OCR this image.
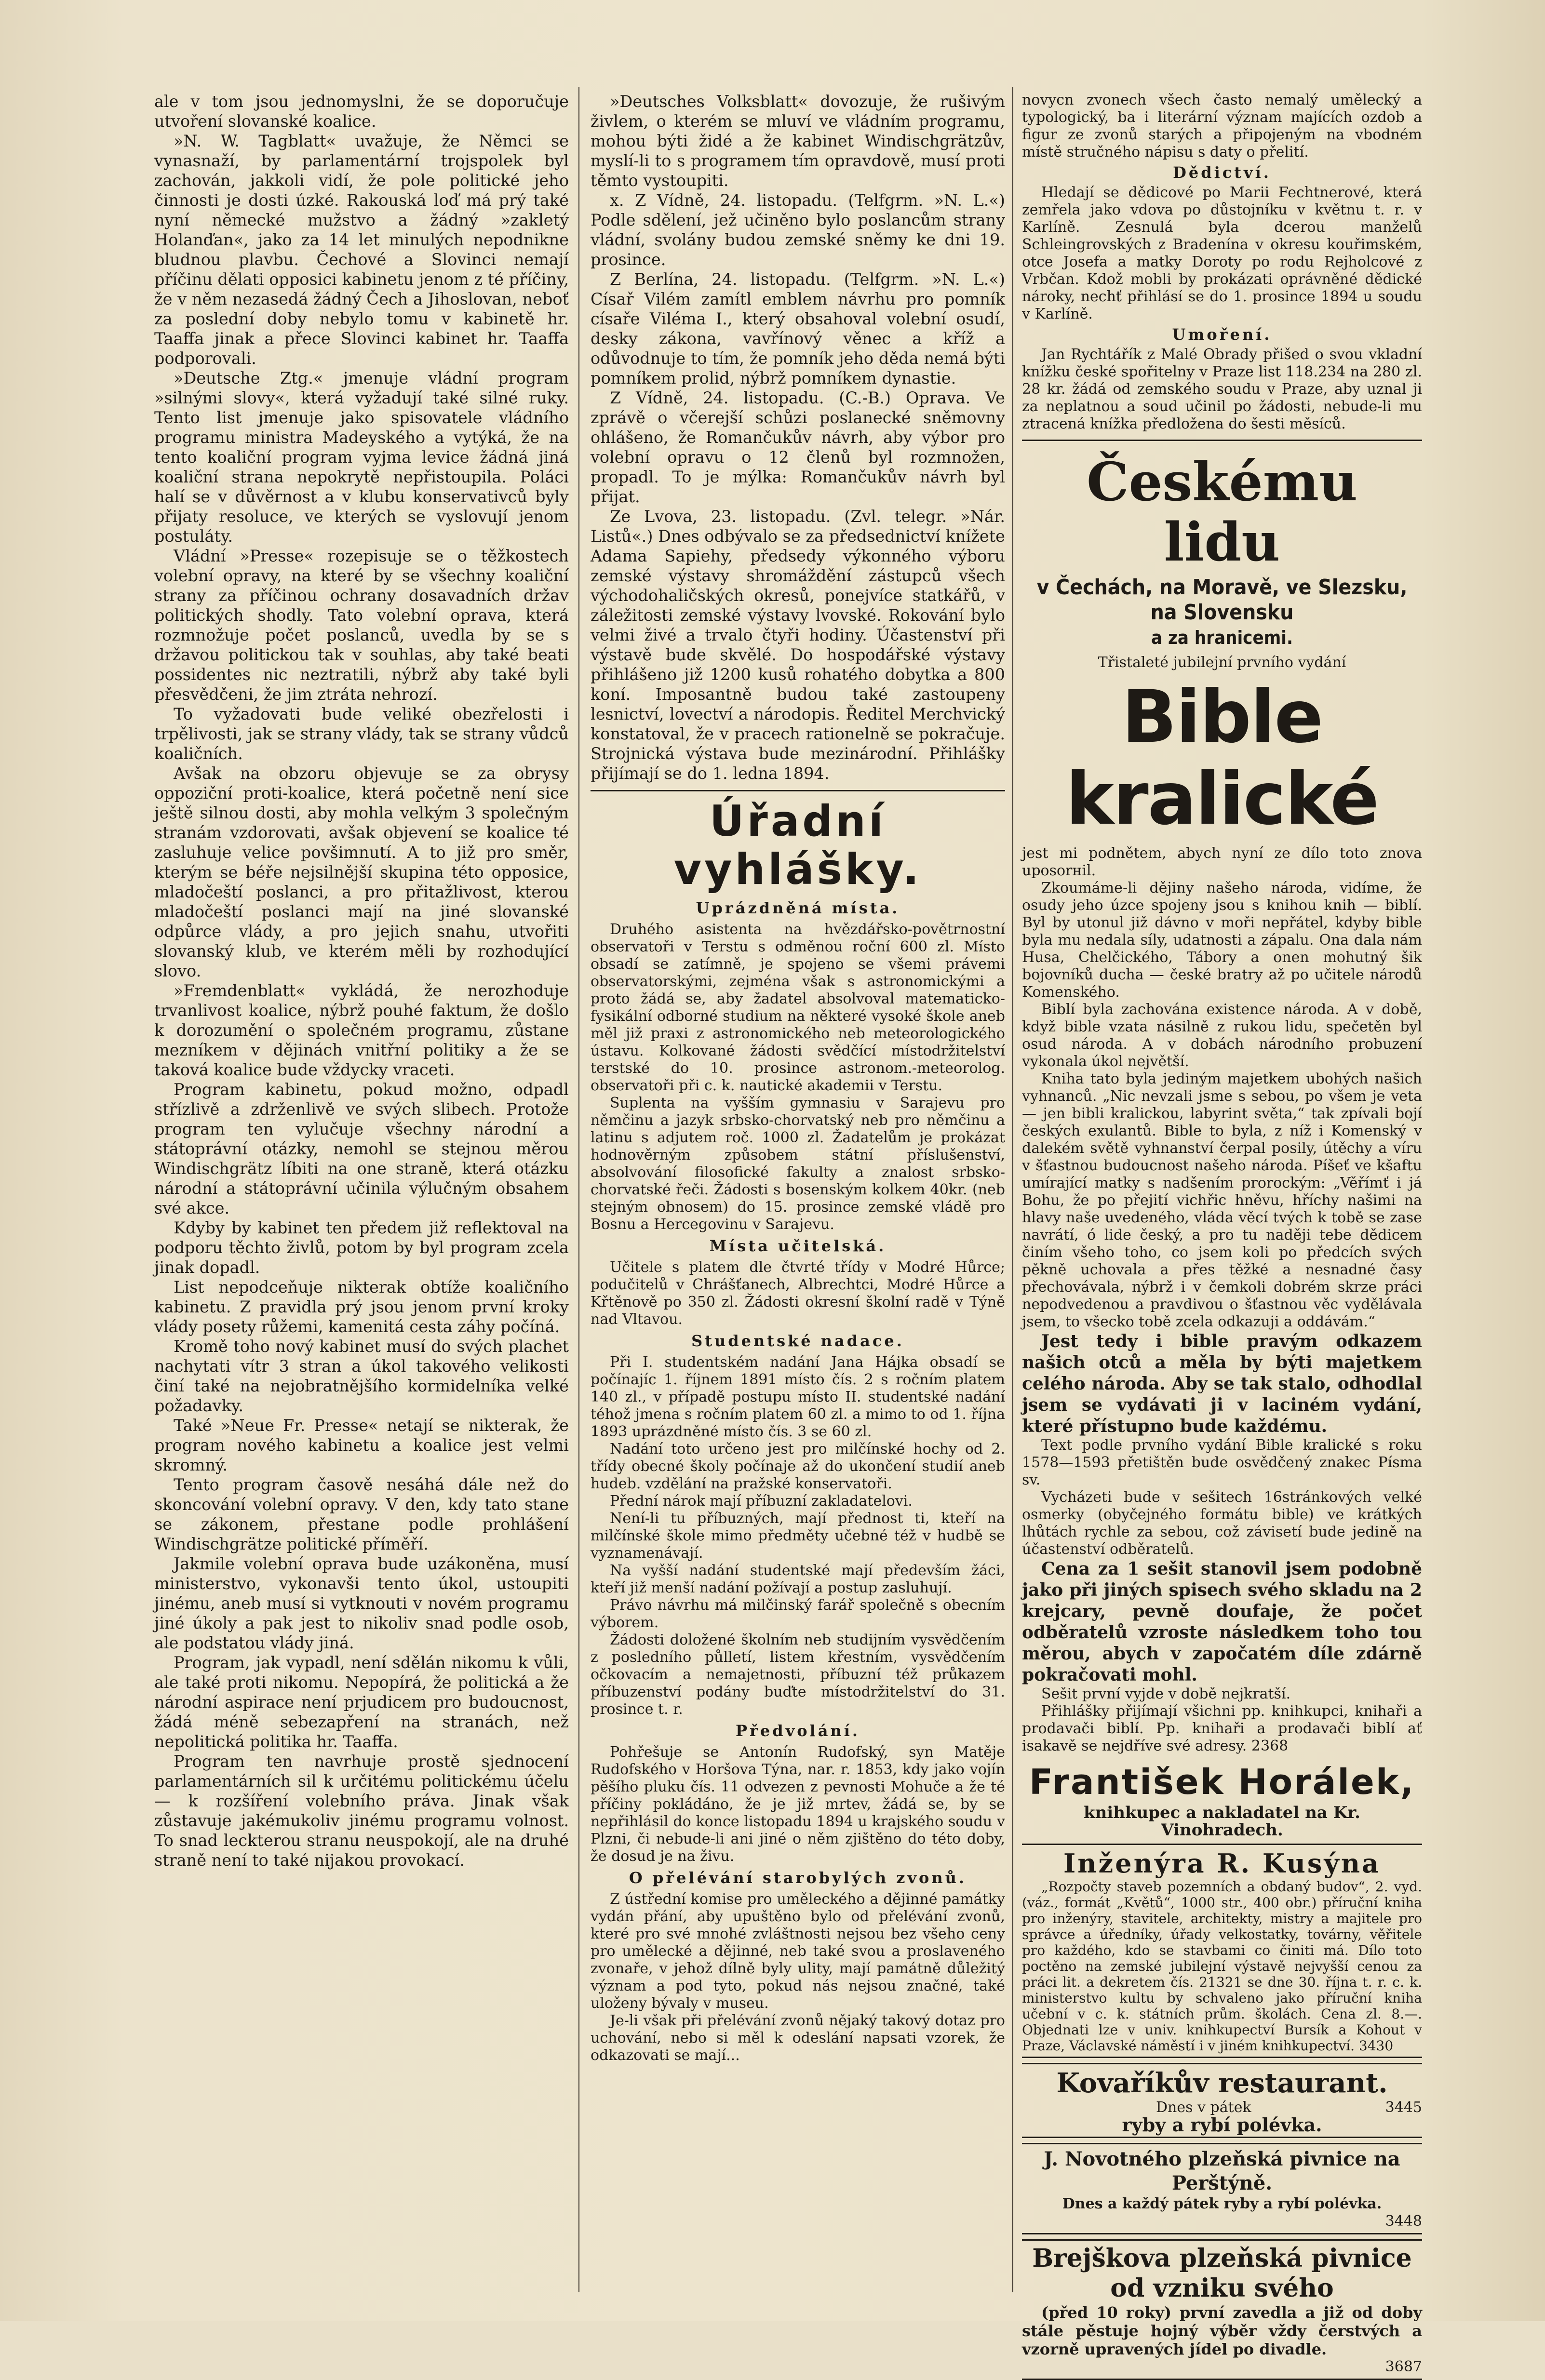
ale v tom jsou jednomyslni, že se doporučuje utvoření slovanské koalice.

»N. W. Tagblatt« uvažuje, že Němci se vynasnaží, by parlamentární trojspolek byl zachován, jakkoli vidí, že pole politické jeho činnosti je dosti úzké. Rakouská loď má prý také nyní německé mužstvo a žádný »zakletý Holanďan«, jako za 14 let minulých nepodniknе bludnou plavbu. Čechové a Slovinci nemají příčinu dělati opposici kabinetu jenom z té příčiny, že v něm nezasedá žádný Čech a Jihoslovan, neboť za poslední doby nebylo tomu v kabinetě hr. Taaffa jinak a přece Slovinci kabinet hr. Taaffa podporovali.

»Deutsche Ztg.« jmenuje vládní program »silnými slovy«, která vyžadují také silné ruky. Tento list jmenuje jako spisovatele vládního programu ministra Madeyského a vytýká, že na tento koaliční program vyjma levice žádná jiná koaliční strana nepokrytě nepřistoupila. Poláci halí se v důvěrnost a v klubu konservativců byly přijaty resoluce, ve kterých se vyslovují jenom postuláty.

Vládní »Presse« rozepisuje se o těžkostech volební opravy, na které by se všechny koaliční strany za příčinou ochrany dosavadních držav politických shodly. Tato volební oprava, která rozmnožuje počet poslanců, uvedla by se s državou politickou tak v souhlas, aby také beati possidentes nic neztratili, nýbrž aby také byli přesvědčeni, že jim ztráta nehrozí.

To vyžadovati bude veliké obezřelosti i trpělivosti, jak se strany vlády, tak se strany vůdců koaličních.

Avšak na obzoru objevuje se za obrysy oppoziční proti-koalice, která početně není sice ještě silnou dosti, aby mohla velkým 3 společným stranám vzdorovati, avšak objevení se koalice té zasluhuje velice povšimnutí. A to již pro směr, kterým se béře nejsilnější skupina této opposice, mladočeští poslanci, a pro přitažlivost, kterou mladočeští poslanci mají na jiné slovanské odpůrce vlády, a pro jejich snahu, utvořiti slovanský klub, ve kterém měli by rozhodující slovo.

»Fremdenblatt« vykládá, že nerozhoduje trvanlivost koalice, nýbrž pouhé faktum, že došlo k dorozumění o společném programu, zůstane mezníkem v dějinách vnitřní politiky a že se taková koalice bude vždycky vraceti.

Program kabinetu, pokud možno, odpadl střízlivě a zdrženlivě ve svých slibech. Protože program ten vylučuje všechny národní a státoprávní otázky, nemohl se stejnou měrou Windischgrätz líbiti na one straně, která otázku národní a státoprávní učinila výlučným obsahem své akce.

Kdyby by kabinet ten předem již reflektoval na podporu těchto živlů, potom by byl program zcela jinak dopadl.

List nepodceňuje nikterak obtíže koaličního kabinetu. Z pravidla prý jsou jenom první kroky vlády posety růžemi, kamenitá cesta záhy počíná.

Kromě toho nový kabinet musí do svých plachet nachytati vítr 3 stran a úkol takového velikosti činí také na nejobratnějšího kormidelníka velké požadavky.

Také »Neue Fr. Presse« netají se nikterak, že program nového kabinetu a koalice jest velmi skromný.

Tento program časově nesáhá dále než do skoncování volební opravy. V den, kdy tato stane se zákonem, přestane podle prohlášení Windischgrätze politické příměří.

Jakmile volební oprava bude uzákoněna, musí ministerstvo, vykonavši tento úkol, ustoupiti jinému, aneb musí si vytknouti v novém programu jiné úkoly a pak jest to nikoliv snad podle osob, ale podstatou vlády jiná.

Program, jak vypadl, není sdělán nikomu k vůli, ale také proti nikomu. Nepopírá, že politická a že národní aspirace není prjudicem pro budoucnost, žádá méně sebezapření na stranách, než nepolitická politika hr. Taaffa.

Program ten navrhuje prostě sjednocení parlamentárních sil k určitému politickému účelu — k rozšíření volebního práva. Jinak však zůstavuje jakémukoliv jinému programu volnost. To snad leckterou stranu neuspokojí, ale na druhé straně není to také nijakou provokací.

»Deutsches Volksblatt« dovozuje, že rušivým živlem, o kterém se mluví ve vládním programu, mohou býti židé a že kabinet Windischgrätzův, myslí-li to s programem tím opravdově, musí proti těmto vystoupiti.

x. Z Vídně, 24. listopadu. (Telfgrm. »N. L.«) Podle sdělení, jež učiněno bylo poslancům strany vládní, svolány budou zemské sněmy ke dni 19. prosince.

Z Berlína, 24. listopadu. (Telfgrm. »N. L.«) Císař Vilém zamítl emblem návrhu pro pomník císaře Viléma I., který obsahoval volební osudí, desky zákona, vavřínový věnec a kříž a odůvodnuje to tím, že pomník jeho děda nemá býti pomníkem prolid, nýbrž pomníkem dynastie.

Z Vídně, 24. listopadu. (C.-B.) Oprava. Ve zprávě o včerejší schůzi poslanecké sněmovny ohlášeno, že Romančukův návrh, aby výbor pro volební opravu o 12 členů byl rozmnožen, propadl. To je mýlka: Romančukův návrh byl přijat.

Ze Lvova, 23. listopadu. (Zvl. telegr. »Nár. Listů«.) Dnes odbývalo se za předsednictví knížete Adama Sapiehy, předsedy výkonného výboru zemské výstavy shromáždění zástupců všech východohaličských okresů, ponejvíce statkářů, v záležitosti zemské výstavy lvovské. Rokování bylo velmi živé a trvalo čtyři hodiny. Účastenství při výstavě bude skvělé. Do hospodářské výstavy přihlášeno již 1200 kusů rohatého dobytka a 800 koní. Imposantně budou také zastoupeny lesnictví, lovectví a národopis. Ředitel Merchvický konstatoval, že v pracech rationelně se pokračuje. Strojnická výstava bude mezinárodní. Přihlášky přijímají se do 1. ledna 1894.

Úřadní vyhlášky.
Uprázdněná místa.

Druhého asistenta na hvězdářsko-povětrnostní observatoři v Terstu s odměnou roční 600 zl. Místo obsadí se zatímně, je spojeno se všemi právemi observatorskými, zejména však s astronomickými a proto žádá se, aby žadatel absolvoval matematicko-fysikální odborné studium na některé vysoké škole aneb měl již praxi z astronomického neb meteorologického ústavu. Kolkované žádosti svědčící místodržitelství terstské do 10. prosince astronom.-meteorolog. observatoři při c. k. nautické akademii v Terstu.

Suplenta na vyšším gymnasiu v Sarajevu pro němčinu a jazyk srbsko-chorvatský neb pro němčinu a latinu s adjutem roč. 1000 zl. Žadatelům je prokázat hodnověrným způsobem státní příslušenství, absolvování filosofické fakulty a znalost srbsko-chorvatské řeči. Žádosti s bosenským kolkem 40kr. (neb stejným obnosem) do 15. prosince zemské vládě pro Bosnu a Hercegovinu v Sarajevu.

Místa učitelská.

Učitele s platem dle čtvrté třídy v Modré Hůrce; podučitelů v Chrášťanech, Albrechtci, Modré Hůrce a Křtěnově po 350 zl. Žádosti okresní školní radě v Týně nad Vltavou.

Studentské nadace.

Při I. studentském nadání Jana Hájka obsadí se počínajíc 1. říjnem 1891 místo čís. 2 s ročním platem 140 zl., v případě postupu místo II. studentské nadání téhož jmena s ročním platem 60 zl. a mimo to od 1. října 1893 uprázdněné místo čís. 3 se 60 zl.

Nadání toto určeno jest pro milčínské hochy od 2. třídy obecné školy počínaje až do ukončení studií aneb hudeb. vzdělání na pražské konservatoři.

Přední nárok mají příbuzní zakladatelovi.

Není-li tu příbuzných, mají přednost ti, kteří na milčínské škole mimo předměty učebné též v hudbě se vyznamenávají.

Na vyšší nadání studentské mají především žáci, kteří již menší nadání požívají a postup zasluhují.

Právo návrhu má milčinský farář společně s obecním výborem.

Žádosti doložené školním neb studijním vysvědčením z posledního půlletí, listem křestním, vysvědčením očkovacím a nemajetnosti, příbuzní též průkazem příbuzenství podány buďte místodržitelství do 31. prosince t. r.

Předvolání.

Pohřešuje se Antonín Rudofský, syn Matěje Rudofského v Horšova Týna, nar. r. 1853, kdy jako vojín pěšího pluku čís. 11 odvezen z pevnosti Mohuče a že té příčiny pokládáno, že je již mrtev, žádá se, by se nepřihlásil do konce listopadu 1894 u krajského soudu v Plzni, či nebude-li ani jiné o něm zjištěno do této doby, že dosud je na živu.

O přelévání starobylých zvonů.

Z ústřední komise pro uměleckého a dějinné památky vydán přání, aby upuštěno bylo od přelévání zvonů, které pro své mnohé zvláštnosti nejsou bez všeho ceny pro umělecké a dějinné, neb také svou a proslaveného zvonaře, v jehož dílně byly ulity, mají památně důležitý význam a pod tyto, pokud nás nejsou značné, také uloženy bývaly v museu.

Je-li však při přelévání zvonů nějaký takový dotaz pro uchování, nebo si měl k odeslání napsati vzorek, že odkazovati se mají...

novycn zvonech všech často nemalý umělecký a typologický, ba i literární význam majících ozdob a figur ze zvonů starých a připojeným na vbodném místě stručného nápisu s daty o přelití.

Dědictví.

Hledají se dědicové po Marii Fechtnerové, která zemřela jako vdova po důstojníku v květnu t. r. v Karlíně. Zesnulá byla dcerou manželů Schleingrovských z Bradenína v okresu kouřimském, otce Josefa a matky Doroty po rodu Rejholcové z Vrbčan. Kdož mobli by prokázati oprávněné dědické nároky, nechť přihlásí se do 1. prosince 1894 u soudu v Karlíně.

Umoření.

Jan Rychtářík z Malé Obrady přišed o svou vkladní knížku české spořitelny v Praze list 118.234 na 280 zl. 28 kr. žádá od zemského soudu v Praze, aby uznal ji za neplatnou a soud učinil po žádosti, nebude-li mu ztracená knížka předložena do šesti měsíců.

Českému lidu
v Čechách, na Moravě, ve Slezsku, na Slovensku
a za hranicemi.
Třistaleté jubilejní prvního vydání
Bible kralické

jest mi podnětem, abych nyní ze dílo toto znova uposorнil.

Zkoumáme-li dějiny našeho národa, vidíme, že osudy jeho úzce spojeny jsou s knihou knih — biblí. Byl by utonul již dávno v moři nepřátel, kdyby bible byla mu nedala síly, udatnosti a zápalu. Ona dala nám Husa, Chelčického, Tábory a onen mohutný šik bojovníků ducha — české bratry až po učitele národů Komenského.

Biblí byla zachována existence národa. A v době, když bible vzata násilně z rukou lidu, spečetěn byl osud národa. A v dobách národního probuzení vykonala úkol největší.

Kniha tato byla jediným majetkem ubohých našich vyhnanců. „Nic nevzali jsme s sebou, po všem je veta — jen bibli kralickou, labyrint světa,“ tak zpívali bojí českých exulantů. Bible to byla, z níž i Komenský v dalekém světě vyhnanství čerpal posily, útěchy a víru v šťastnou budoucnost našeho národa. Píšeť ve kšaftu umírající matky s nadšením prorockým: „Věřímť i já Bohu, že po přejití vichřic hněvu, hříchy našimi na hlavy naše uvedeného, vláda věcí tvých k tobě se zase navrátí, ó lide český, a pro tu naději tebe dědicem činím všeho toho, co jsem koli po předcích svých pěkně uchovala a přes těžké a nesnadné časy přechovávala, nýbrž i v čemkoli dobrém skrze práci nepodvedenou a pravdivou o šťastnou věc vydělávala jsem, to všecko tobě zcela odkazuji a oddávám.“

Jest tedy i bible pravým odkazem našich otců a měla by býti majetkem celého národa. Aby se tak stalo, odhodlal jsem se vydávati ji v laciném vydání, které přístupno bude každému.

Text podle prvního vydání Bible kralické s roku 1578—1593 přetištěn bude osvědčený znakec Písma sv.

Vycházeti bude v sešitech 16stránkových velké osmerky (obyčejného formátu bible) ve krátkých lhůtách rychle za sebou, což závisetí bude jedině na účastenství odběratelů.

Cena za 1 sešit stanovil jsem podobně jako při jiných spisech svého skladu na 2 krejcary, pevně doufaje, že počet odběratelů vzroste následkem toho tou měrou, abych v započatém díle zdárně pokračovati mohl.

Sešit první vyjde v době nejkratší.

Přihlášky přijímají všichni pp. knihkupci, knihaři a prodavači biblí. Pp. knihaři a prodavači biblí ať isakavě se nejdříve své adresy. 2368

František Horálek,
knihkupec a nakladatel na Kr. Vinohradech.
Inženýra R. Kusýna

„Rozpočty staveb pozemních a obdaný budov“, 2. vyd. (váz., formát „Květů“, 1000 str., 400 obr.) příruční kniha pro inženýry, stavitele, architekty, mistry a majitele pro správce a úředníky, úřady velkostatky, továrny, věřitele pro každého, kdo se stavbami co činiti má. Dílo toto poctěno na zemské jubilejní výstavě nejvyšší cenou za práci lit. a dekretem čís. 21321 se dne 30. října t. r. c. k. ministerstvo kultu by schvaleno jako příruční kniha učební v c. k. státních prům. školách. Cena zl. 8.—. Objednati lze v univ. knihkupectví Bursík a Kohout v Praze, Václavské náměstí i v jiném knihkupectví. 3430

Kovaříkův restaurant.
Dnes v pátek	3445
ryby a rybí polévka.
J. Novotného plzeňská pivnice na Perštýně.
Dnes a každý pátek ryby a rybí polévka.
3448
Brejškova plzeňská pivnice
od vzniku svého

(před 10 roky) první zavedla a již od doby stále pěstuje hojný výběr vždy čerstvých a vzorně upravených jídel po divadle.

3687
